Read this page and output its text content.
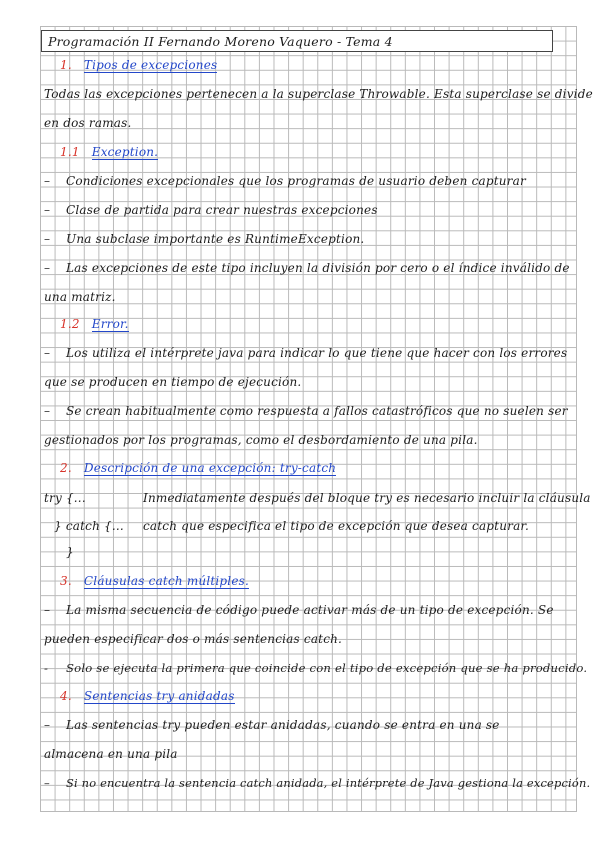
Programación II Fernando Moreno Vaquero - Tema 4
1. Tipos de excepciones
Todas las excepciones pertenecen a la superclase Throwable. Esta superclase se divide
en dos ramas.
1.1 Exception.
– Condiciones excepcionales que los programas de usuario deben capturar
– Clase de partida para crear nuestras excepciones
– Una subclase importante es RuntimeException.
– Las excepciones de este tipo incluyen la división por cero o el índice inválido de
una matriz.
1.2 Error.
– Los utiliza el intérprete java para indicar lo que tiene que hacer con los errores
que se producen en tiempo de ejecución.
– Se crean habitualmente como respuesta a fallos catastróficos que no suelen ser
gestionados por los programas, como el desbordamiento de una pila.
2. Descripción de una excepción: try-catch
try {...	Inmediatamente después del bloque try es necesario incluir la cláusula
} catch {... catch que especifica el tipo de excepción que desea capturar.
}
3. Cláusulas catch múltiples.
– La misma secuencia de código puede activar más de un tipo de excepción. Se
pueden especificar dos o más sentencias catch.
- Solo se ejecuta la primera que coincide con el tipo de excepción que se ha producido.
4. Sentencias try anidadas
– Las sentencias try pueden estar anidadas, cuando se entra en una se
almacena en una pila
– Si no encuentra la sentencia catch anidada, el intérprete de Java gestiona la excepción.
